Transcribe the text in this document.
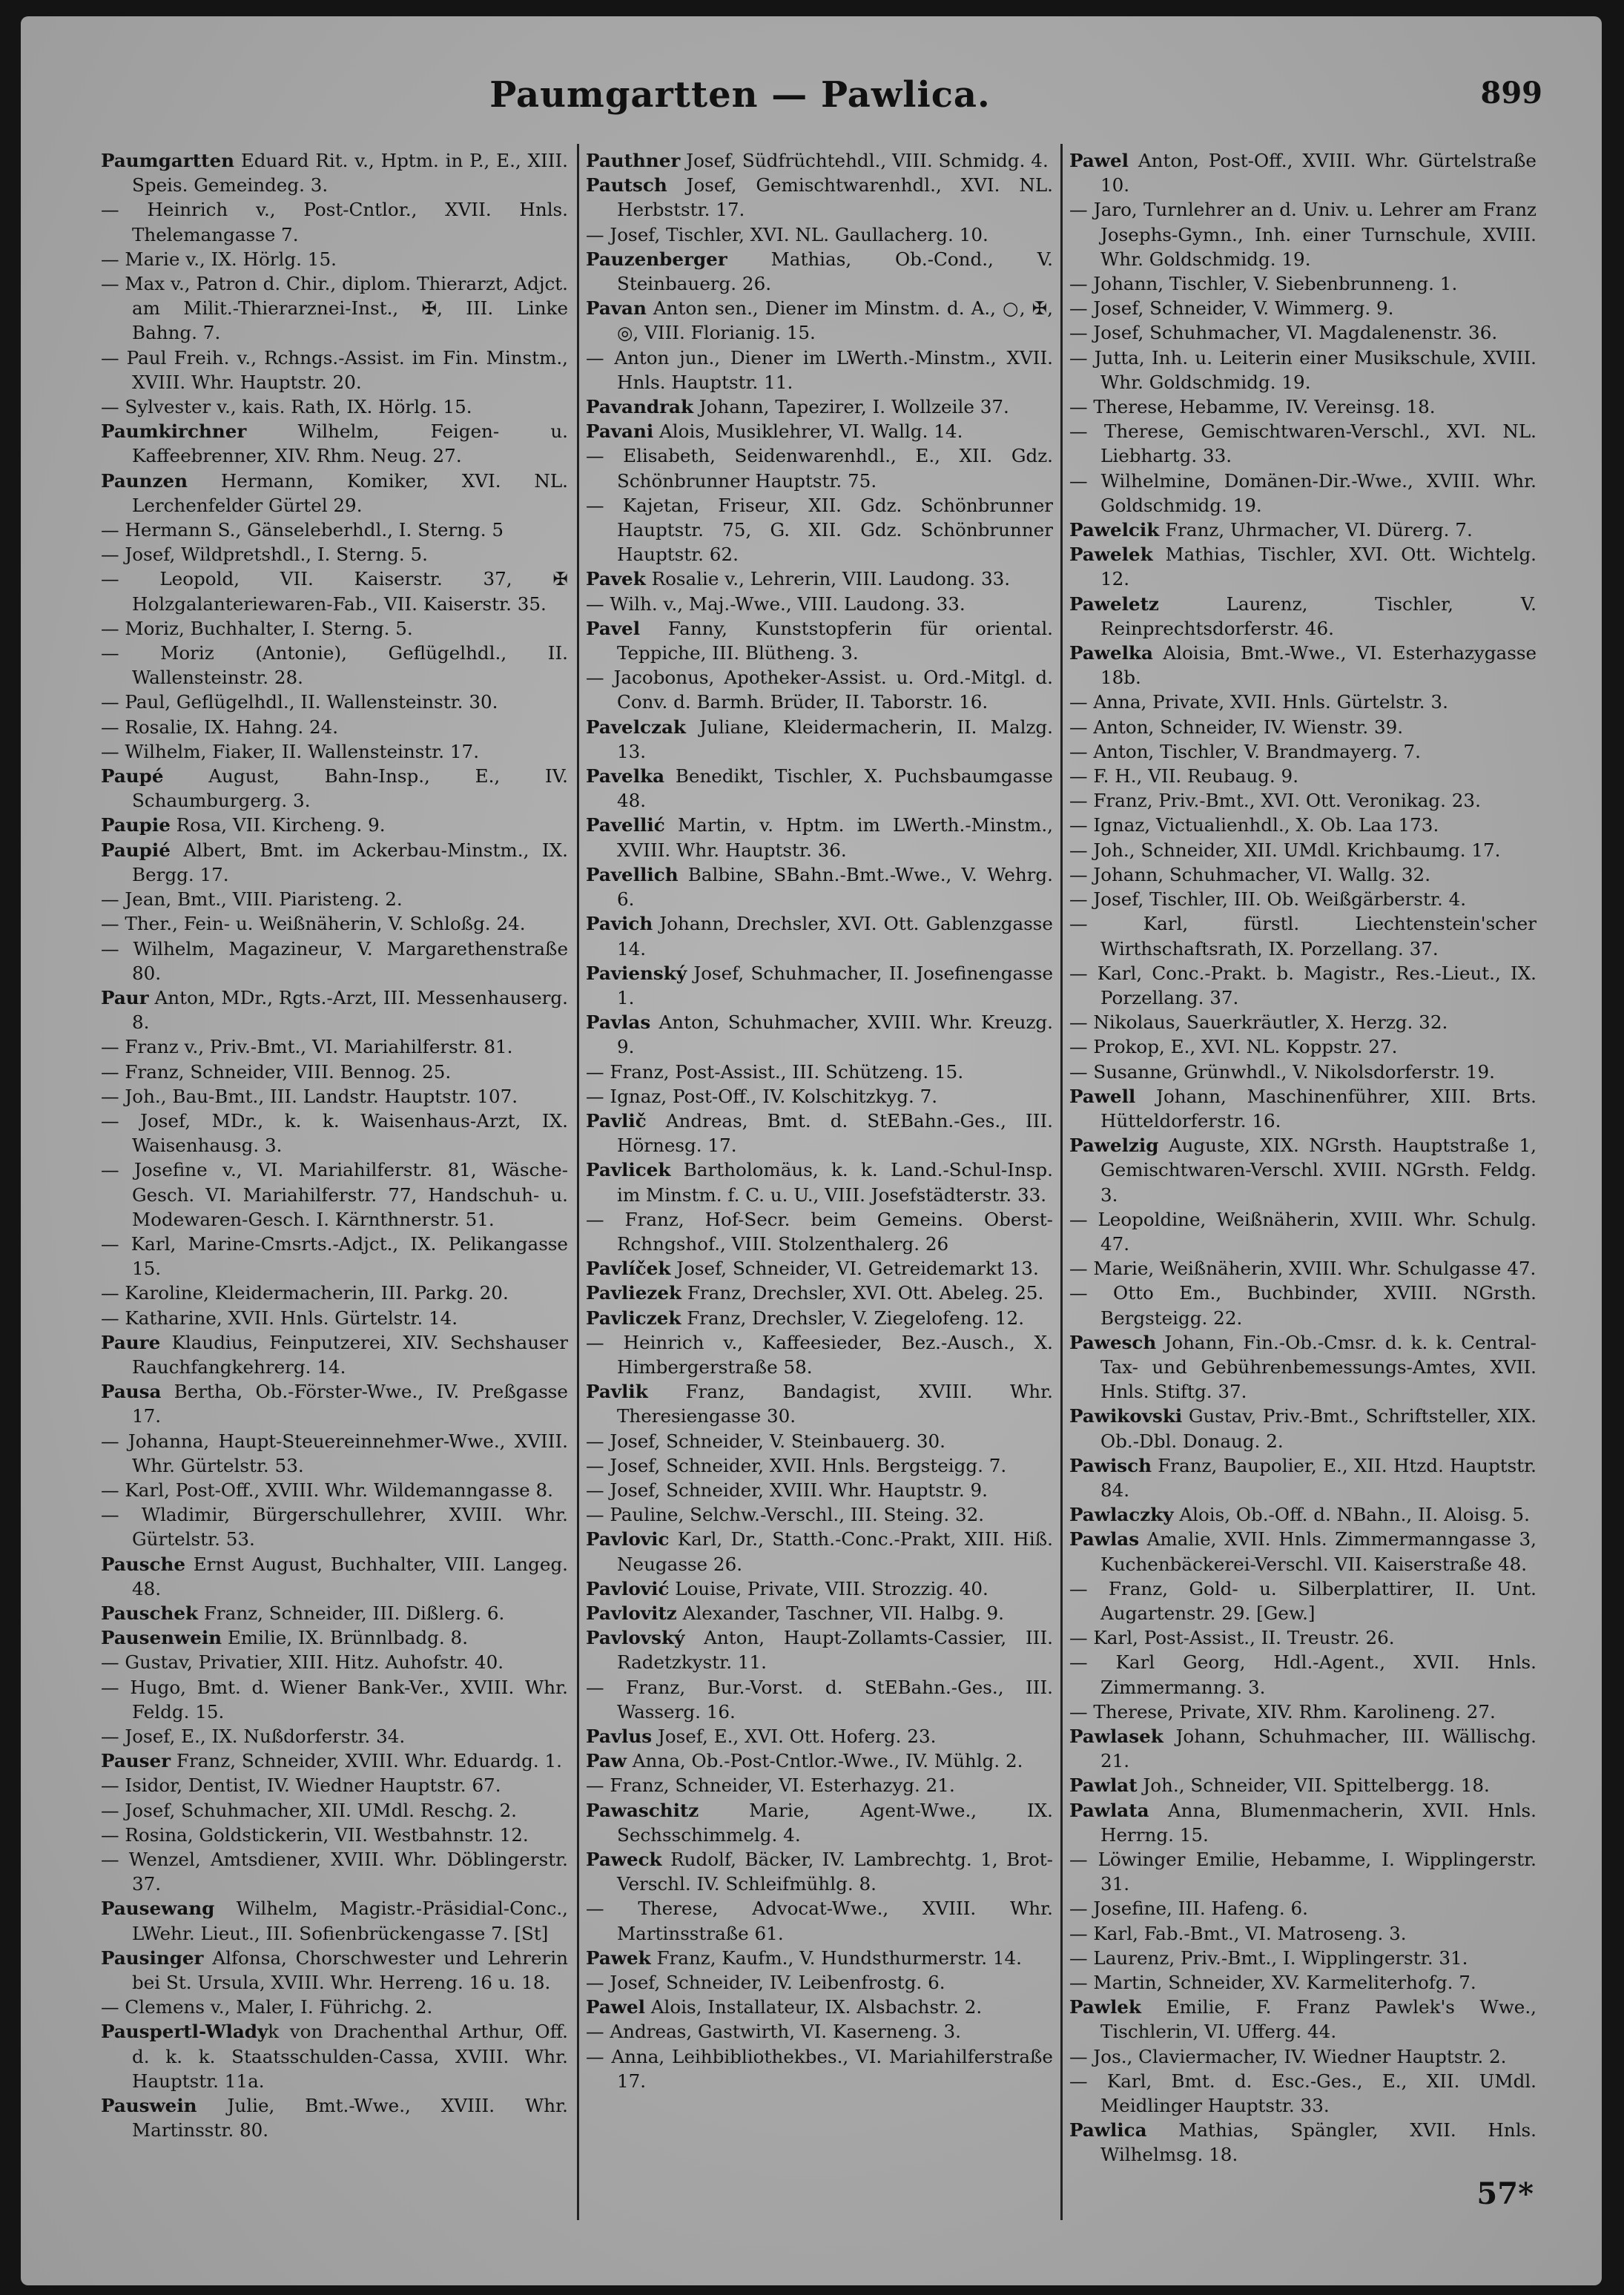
Paumgartten — Pawlica.	899
Paumgartten Eduard Rit. v., Hptm. in P., E., XIII. Speis. Gemeindeg. 3.
— Heinrich v., Post-Cntlor., XVII. Hnls. Thelemangasse 7.
— Marie v., IX. Hörlg. 15.
— Max v., Patron d. Chir., diplom. Thierarzt, Adjct. am Milit.-Thierarznei-Inst., ✠, III. Linke Bahng. 7.
— Paul Freih. v., Rchngs.-Assist. im Fin. Minstm., XVIII. Whr. Hauptstr. 20.
— Sylvester v., kais. Rath, IX. Hörlg. 15.
Paumkirchner Wilhelm, Feigen- u. Kaffeebrenner, XIV. Rhm. Neug. 27.
Paunzen Hermann, Komiker, XVI. NL. Lerchenfelder Gürtel 29.
— Hermann S., Gänseleberhdl., I. Sterng. 5
— Josef, Wildpretshdl., I. Sterng. 5.
— Leopold, VII. Kaiserstr. 37, ✠ Holzgalanteriewaren-Fab., VII. Kaiserstr. 35.
— Moriz, Buchhalter, I. Sterng. 5.
— Moriz (Antonie), Geflügelhdl., II. Wallensteinstr. 28.
— Paul, Geflügelhdl., II. Wallensteinstr. 30.
— Rosalie, IX. Hahng. 24.
— Wilhelm, Fiaker, II. Wallensteinstr. 17.
Paupé August, Bahn-Insp., E., IV. Schaumburgerg. 3.
Paupie Rosa, VII. Kircheng. 9.
Paupié Albert, Bmt. im Ackerbau-Minstm., IX. Bergg. 17.
— Jean, Bmt., VIII. Piaristeng. 2.
— Ther., Fein- u. Weißnäherin, V. Schloßg. 24.
— Wilhelm, Magazineur, V. Margarethenstraße 80.
Paur Anton, MDr., Rgts.-Arzt, III. Messenhauserg. 8.
— Franz v., Priv.-Bmt., VI. Mariahilferstr. 81.
— Franz, Schneider, VIII. Bennog. 25.
— Joh., Bau-Bmt., III. Landstr. Hauptstr. 107.
— Josef, MDr., k. k. Waisenhaus-Arzt, IX. Waisenhausg. 3.
— Josefine v., VI. Mariahilferstr. 81, Wäsche-Gesch. VI. Mariahilferstr. 77, Handschuh- u. Modewaren-Gesch. I. Kärnthnerstr. 51.
— Karl, Marine-Cmsrts.-Adjct., IX. Pelikangasse 15.
— Karoline, Kleidermacherin, III. Parkg. 20.
— Katharine, XVII. Hnls. Gürtelstr. 14.
Paure Klaudius, Feinputzerei, XIV. Sechshauser Rauchfangkehrerg. 14.
Pausa Bertha, Ob.-Förster-Wwe., IV. Preßgasse 17.
— Johanna, Haupt-Steuereinnehmer-Wwe., XVIII. Whr. Gürtelstr. 53.
— Karl, Post-Off., XVIII. Whr. Wildemanngasse 8.
— Wladimir, Bürgerschullehrer, XVIII. Whr. Gürtelstr. 53.
Pausche Ernst August, Buchhalter, VIII. Langeg. 48.
Pauschek Franz, Schneider, III. Dißlerg. 6.
Pausenwein Emilie, IX. Brünnlbadg. 8.
— Gustav, Privatier, XIII. Hitz. Auhofstr. 40.
— Hugo, Bmt. d. Wiener Bank-Ver., XVIII. Whr. Feldg. 15.
— Josef, E., IX. Nußdorferstr. 34.
Pauser Franz, Schneider, XVIII. Whr. Eduardg. 1.
— Isidor, Dentist, IV. Wiedner Hauptstr. 67.
— Josef, Schuhmacher, XII. UMdl. Reschg. 2.
— Rosina, Goldstickerin, VII. Westbahnstr. 12.
— Wenzel, Amtsdiener, XVIII. Whr. Döblingerstr. 37.
Pausewang Wilhelm, Magistr.-Präsidial-Conc., LWehr. Lieut., III. Sofienbrückengasse 7. [St]
Pausinger Alfonsa, Chorschwester und Lehrerin bei St. Ursula, XVIII. Whr. Herreng. 16 u. 18.
— Clemens v., Maler, I. Führichg. 2.
Pauspertl-Wladyk von Drachenthal Arthur, Off. d. k. k. Staatsschulden-Cassa, XVIII. Whr. Hauptstr. 11a.
Pauswein Julie, Bmt.-Wwe., XVIII. Whr. Martinsstr. 80.
Pauthner Josef, Südfrüchtehdl., VIII. Schmidg. 4.
Pautsch Josef, Gemischtwarenhdl., XVI. NL. Herbststr. 17.
— Josef, Tischler, XVI. NL. Gaullacherg. 10.
Pauzenberger Mathias, Ob.-Cond., V. Steinbauerg. 26.
Pavan Anton sen., Diener im Minstm. d. A., ○, ✠, ◎, VIII. Florianig. 15.
— Anton jun., Diener im LWerth.-Minstm., XVII. Hnls. Hauptstr. 11.
Pavandrak Johann, Tapezirer, I. Wollzeile 37.
Pavani Alois, Musiklehrer, VI. Wallg. 14.
— Elisabeth, Seidenwarenhdl., E., XII. Gdz. Schönbrunner Hauptstr. 75.
— Kajetan, Friseur, XII. Gdz. Schönbrunner Hauptstr. 75, G. XII. Gdz. Schönbrunner Hauptstr. 62.
Pavek Rosalie v., Lehrerin, VIII. Laudong. 33.
— Wilh. v., Maj.-Wwe., VIII. Laudong. 33.
Pavel Fanny, Kunststopferin für oriental. Teppiche, III. Blütheng. 3.
— Jacobonus, Apotheker-Assist. u. Ord.-Mitgl. d. Conv. d. Barmh. Brüder, II. Taborstr. 16.
Pavelczak Juliane, Kleidermacherin, II. Malzg. 13.
Pavelka Benedikt, Tischler, X. Puchsbaumgasse 48.
Pavellić Martin, v. Hptm. im LWerth.-Minstm., XVIII. Whr. Hauptstr. 36.
Pavellich Balbine, SBahn.-Bmt.-Wwe., V. Wehrg. 6.
Pavich Johann, Drechsler, XVI. Ott. Gablenzgasse 14.
Pavienský Josef, Schuhmacher, II. Josefinengasse 1.
Pavlas Anton, Schuhmacher, XVIII. Whr. Kreuzg. 9.
— Franz, Post-Assist., III. Schützeng. 15.
— Ignaz, Post-Off., IV. Kolschitzkyg. 7.
Pavlič Andreas, Bmt. d. StEBahn.-Ges., III. Hörnesg. 17.
Pavlicek Bartholomäus, k. k. Land.-Schul-Insp. im Minstm. f. C. u. U., VIII. Josefstädterstr. 33.
— Franz, Hof-Secr. beim Gemeins. Oberst-Rchngshof., VIII. Stolzenthalerg. 26
Pavlíček Josef, Schneider, VI. Getreidemarkt 13.
Pavliezek Franz, Drechsler, XVI. Ott. Abeleg. 25.
Pavliczek Franz, Drechsler, V. Ziegelofeng. 12.
— Heinrich v., Kaffeesieder, Bez.-Ausch., X. Himbergerstraße 58.
Pavlik Franz, Bandagist, XVIII. Whr. Theresiengasse 30.
— Josef, Schneider, V. Steinbauerg. 30.
— Josef, Schneider, XVII. Hnls. Bergsteigg. 7.
— Josef, Schneider, XVIII. Whr. Hauptstr. 9.
— Pauline, Selchw.-Verschl., III. Steing. 32.
Pavlovic Karl, Dr., Statth.-Conc.-Prakt, XIII. Hiß. Neugasse 26.
Pavlović Louise, Private, VIII. Strozzig. 40.
Pavlovitz Alexander, Taschner, VII. Halbg. 9.
Pavlovský Anton, Haupt-Zollamts-Cassier, III. Radetzkystr. 11.
— Franz, Bur.-Vorst. d. StEBahn.-Ges., III. Wasserg. 16.
Pavlus Josef, E., XVI. Ott. Hoferg. 23.
Paw Anna, Ob.-Post-Cntlor.-Wwe., IV. Mühlg. 2.
— Franz, Schneider, VI. Esterhazyg. 21.
Pawaschitz Marie, Agent-Wwe., IX. Sechsschimmelg. 4.
Paweck Rudolf, Bäcker, IV. Lambrechtg. 1, Brot-Verschl. IV. Schleifmühlg. 8.
— Therese, Advocat-Wwe., XVIII. Whr. Martinsstraße 61.
Pawek Franz, Kaufm., V. Hundsthurmerstr. 14.
— Josef, Schneider, IV. Leibenfrostg. 6.
Pawel Alois, Installateur, IX. Alsbachstr. 2.
— Andreas, Gastwirth, VI. Kaserneng. 3.
— Anna, Leihbibliothekbes., VI. Mariahilferstraße 17.
Pawel Anton, Post-Off., XVIII. Whr. Gürtelstraße 10.
— Jaro, Turnlehrer an d. Univ. u. Lehrer am Franz Josephs-Gymn., Inh. einer Turnschule, XVIII. Whr. Goldschmidg. 19.
— Johann, Tischler, V. Siebenbrunneng. 1.
— Josef, Schneider, V. Wimmerg. 9.
— Josef, Schuhmacher, VI. Magdalenenstr. 36.
— Jutta, Inh. u. Leiterin einer Musikschule, XVIII. Whr. Goldschmidg. 19.
— Therese, Hebamme, IV. Vereinsg. 18.
— Therese, Gemischtwaren-Verschl., XVI. NL. Liebhartg. 33.
— Wilhelmine, Domänen-Dir.-Wwe., XVIII. Whr. Goldschmidg. 19.
Pawelcik Franz, Uhrmacher, VI. Dürerg. 7.
Pawelek Mathias, Tischler, XVI. Ott. Wichtelg. 12.
Paweletz Laurenz, Tischler, V. Reinprechtsdorferstr. 46.
Pawelka Aloisia, Bmt.-Wwe., VI. Esterhazygasse 18b.
— Anna, Private, XVII. Hnls. Gürtelstr. 3.
— Anton, Schneider, IV. Wienstr. 39.
— Anton, Tischler, V. Brandmayerg. 7.
— F. H., VII. Reubaug. 9.
— Franz, Priv.-Bmt., XVI. Ott. Veronikag. 23.
— Ignaz, Victualienhdl., X. Ob. Laa 173.
— Joh., Schneider, XII. UMdl. Krichbaumg. 17.
— Johann, Schuhmacher, VI. Wallg. 32.
— Josef, Tischler, III. Ob. Weißgärberstr. 4.
— Karl, fürstl. Liechtenstein'scher Wirthschaftsrath, IX. Porzellang. 37.
— Karl, Conc.-Prakt. b. Magistr., Res.-Lieut., IX. Porzellang. 37.
— Nikolaus, Sauerkräutler, X. Herzg. 32.
— Prokop, E., XVI. NL. Koppstr. 27.
— Susanne, Grünwhdl., V. Nikolsdorferstr. 19.
Pawell Johann, Maschinenführer, XIII. Brts. Hütteldorferstr. 16.
Pawelzig Auguste, XIX. NGrsth. Hauptstraße 1, Gemischtwaren-Verschl. XVIII. NGrsth. Feldg. 3.
— Leopoldine, Weißnäherin, XVIII. Whr. Schulg. 47.
— Marie, Weißnäherin, XVIII. Whr. Schulgasse 47.
— Otto Em., Buchbinder, XVIII. NGrsth. Bergsteigg. 22.
Pawesch Johann, Fin.-Ob.-Cmsr. d. k. k. Central-Tax- und Gebührenbemessungs-Amtes, XVII. Hnls. Stiftg. 37.
Pawikovski Gustav, Priv.-Bmt., Schriftsteller, XIX. Ob.-Dbl. Donaug. 2.
Pawisch Franz, Baupolier, E., XII. Htzd. Hauptstr. 84.
Pawlaczky Alois, Ob.-Off. d. NBahn., II. Aloisg. 5.
Pawlas Amalie, XVII. Hnls. Zimmermanngasse 3, Kuchenbäckerei-Verschl. VII. Kaiserstraße 48.
— Franz, Gold- u. Silberplattirer, II. Unt. Augartenstr. 29. [Gew.]
— Karl, Post-Assist., II. Treustr. 26.
— Karl Georg, Hdl.-Agent., XVII. Hnls. Zimmermanng. 3.
— Therese, Private, XIV. Rhm. Karolineng. 27.
Pawlasek Johann, Schuhmacher, III. Wällischg. 21.
Pawlat Joh., Schneider, VII. Spittelbergg. 18.
Pawlata Anna, Blumenmacherin, XVII. Hnls. Herrng. 15.
— Löwinger Emilie, Hebamme, I. Wipplingerstr. 31.
— Josefine, III. Hafeng. 6.
— Karl, Fab.-Bmt., VI. Matroseng. 3.
— Laurenz, Priv.-Bmt., I. Wipplingerstr. 31.
— Martin, Schneider, XV. Karmeliterhofg. 7.
Pawlek Emilie, F. Franz Pawlek's Wwe., Tischlerin, VI. Ufferg. 44.
— Jos., Claviermacher, IV. Wiedner Hauptstr. 2.
— Karl, Bmt. d. Esc.-Ges., E., XII. UMdl. Meidlinger Hauptstr. 33.
Pawlica Mathias, Spängler, XVII. Hnls. Wilhelmsg. 18.
57*
